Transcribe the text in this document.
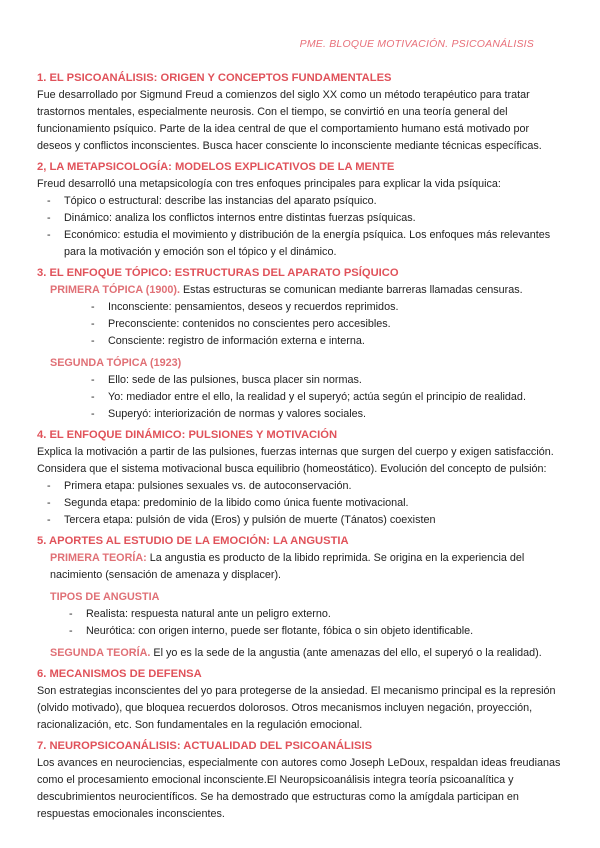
PME. BLOQUE MOTIVACIÓN. PSICOANÁLISIS
1. EL PSICOANÁLISIS: ORIGEN Y CONCEPTOS FUNDAMENTALES

Fue desarrollado por Sigmund Freud a comienzos del siglo XX como un método terapéutico para tratar trastornos mentales, especialmente neurosis. Con el tiempo, se convirtió en una teoría general del funcionamiento psíquico. Parte de la idea central de que el comportamiento humano está motivado por deseos y conflictos inconscientes. Busca hacer consciente lo inconsciente mediante técnicas específicas.

2, LA METAPSICOLOGÍA: MODELOS EXPLICATIVOS DE LA MENTE

Freud desarrolló una metapsicología con tres enfoques principales para explicar la vida psíquica:

- Tópico o estructural: describe las instancias del aparato psíquico.
- Dinámico: analiza los conflictos internos entre distintas fuerzas psíquicas.
- Económico: estudia el movimiento y distribución de la energía psíquica. Los enfoques más relevantes para la motivación y emoción son el tópico y el dinámico.
3. EL ENFOQUE TÓPICO: ESTRUCTURAS DEL APARATO PSÍQUICO

PRIMERA TÓPICA (1900). Estas estructuras se comunican mediante barreras llamadas censuras.

- Inconsciente: pensamientos, deseos y recuerdos reprimidos.
- Preconsciente: contenidos no conscientes pero accesibles.
- Consciente: registro de información externa e interna.

SEGUNDA TÓPICA (1923)

- Ello: sede de las pulsiones, busca placer sin normas.
- Yo: mediador entre el ello, la realidad y el superyó; actúa según el principio de realidad.
- Superyó: interiorización de normas y valores sociales.
4. EL ENFOQUE DINÁMICO: PULSIONES Y MOTIVACIÓN

Explica la motivación a partir de las pulsiones, fuerzas internas que surgen del cuerpo y exigen satisfacción. Considera que el sistema motivacional busca equilibrio (homeostático). Evolución del concepto de pulsión:

- Primera etapa: pulsiones sexuales vs. de autoconservación.
- Segunda etapa: predominio de la libido como única fuente motivacional.
- Tercera etapa: pulsión de vida (Eros) y pulsión de muerte (Tánatos) coexisten
5. APORTES AL ESTUDIO DE LA EMOCIÓN: LA ANGUSTIA

PRIMERA TEORÍA: La angustia es producto de la libido reprimida. Se origina en la experiencia del nacimiento (sensación de amenaza y displacer).

TIPOS DE ANGUSTIA

- Realista: respuesta natural ante un peligro externo.
- Neurótica: con origen interno, puede ser flotante, fóbica o sin objeto identificable.

SEGUNDA TEORÍA. El yo es la sede de la angustia (ante amenazas del ello, el superyó o la realidad).

6. MECANISMOS DE DEFENSA

Son estrategias inconscientes del yo para protegerse de la ansiedad. El mecanismo principal es la represión (olvido motivado), que bloquea recuerdos dolorosos. Otros mecanismos incluyen negación, proyección, racionalización, etc. Son fundamentales en la regulación emocional.

7. NEUROPSICOANÁLISIS: ACTUALIDAD DEL PSICOANÁLISIS

Los avances en neurociencias, especialmente con autores como Joseph LeDoux, respaldan ideas freudianas como el procesamiento emocional inconsciente.El Neuropsicoanálisis integra teoría psicoanalítica y descubrimientos neurocientíficos. Se ha demostrado que estructuras como la amígdala participan en respuestas emocionales inconscientes.
